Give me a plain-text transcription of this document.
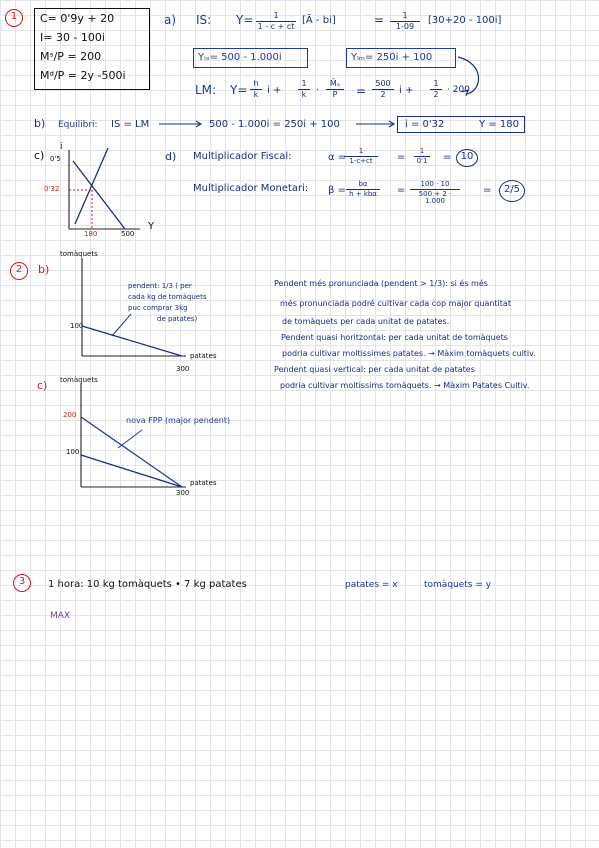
1	C= 0'9y + 20
I= 30 - 100i
Mˢ/P = 200
Mᵈ/P = 2y -500i
a) IS: $Y= \frac{1}{1 - c + ct}$ [Ā - bi]	= $\frac{1}{1-09} [30+20 - 100i]$
Yᵢₛ= 500 - 1.000i	Yₗₘ= 250i + 100
LM: $Y= \frac{h}{k}$ $i + \frac{1}{k} \cdot \frac{\text{M̄ₒ}}{P} = \frac{500}{2}$ $i + \frac{1}{2} \cdot 200$
b) Equilibri: IS = LM	500 - 1.000i = 250i + 100	i = 0'32	Y = 180
c)
i
0'5
0'32
Y
180	500
d) Multiplicador Fiscal:	α =
$\frac{1}{1-c+ct} = \frac{1}{0'1} = 10$
Multiplicador Monetari: β =
bα
h + kbα	= $\frac{100 \cdot 10}{500 + 2 \cdot 1.000}$ =	2/5
2	b)
tomàquets
100
patates
300
pendent: 1/3 ( per
cada kg de tomàquets
puc comprar 3kg
de patates)
c) tomàquets
200
100
patates
300
nova FPP (major pendent)
Pendent més pronunciada (pendent > 1/3): si és més
més pronunciada podré cultivar cada cop major quantitat
de tomàquets per cada unitat de patates.
Pendent quasi horitzontal: per cada unitat de tomàquets
podria cultivar moltissimes patates. → Màxim tomàquets cultiv.
Pendent quasi vertical: per cada unitat de patates
podria cultivar moltissims tomàquets. → Màxim Patates Cultiv.
3	1 hora: 10 kg tomàquets • 7 kg patates	patates = x	tomàquets = y
MAX
